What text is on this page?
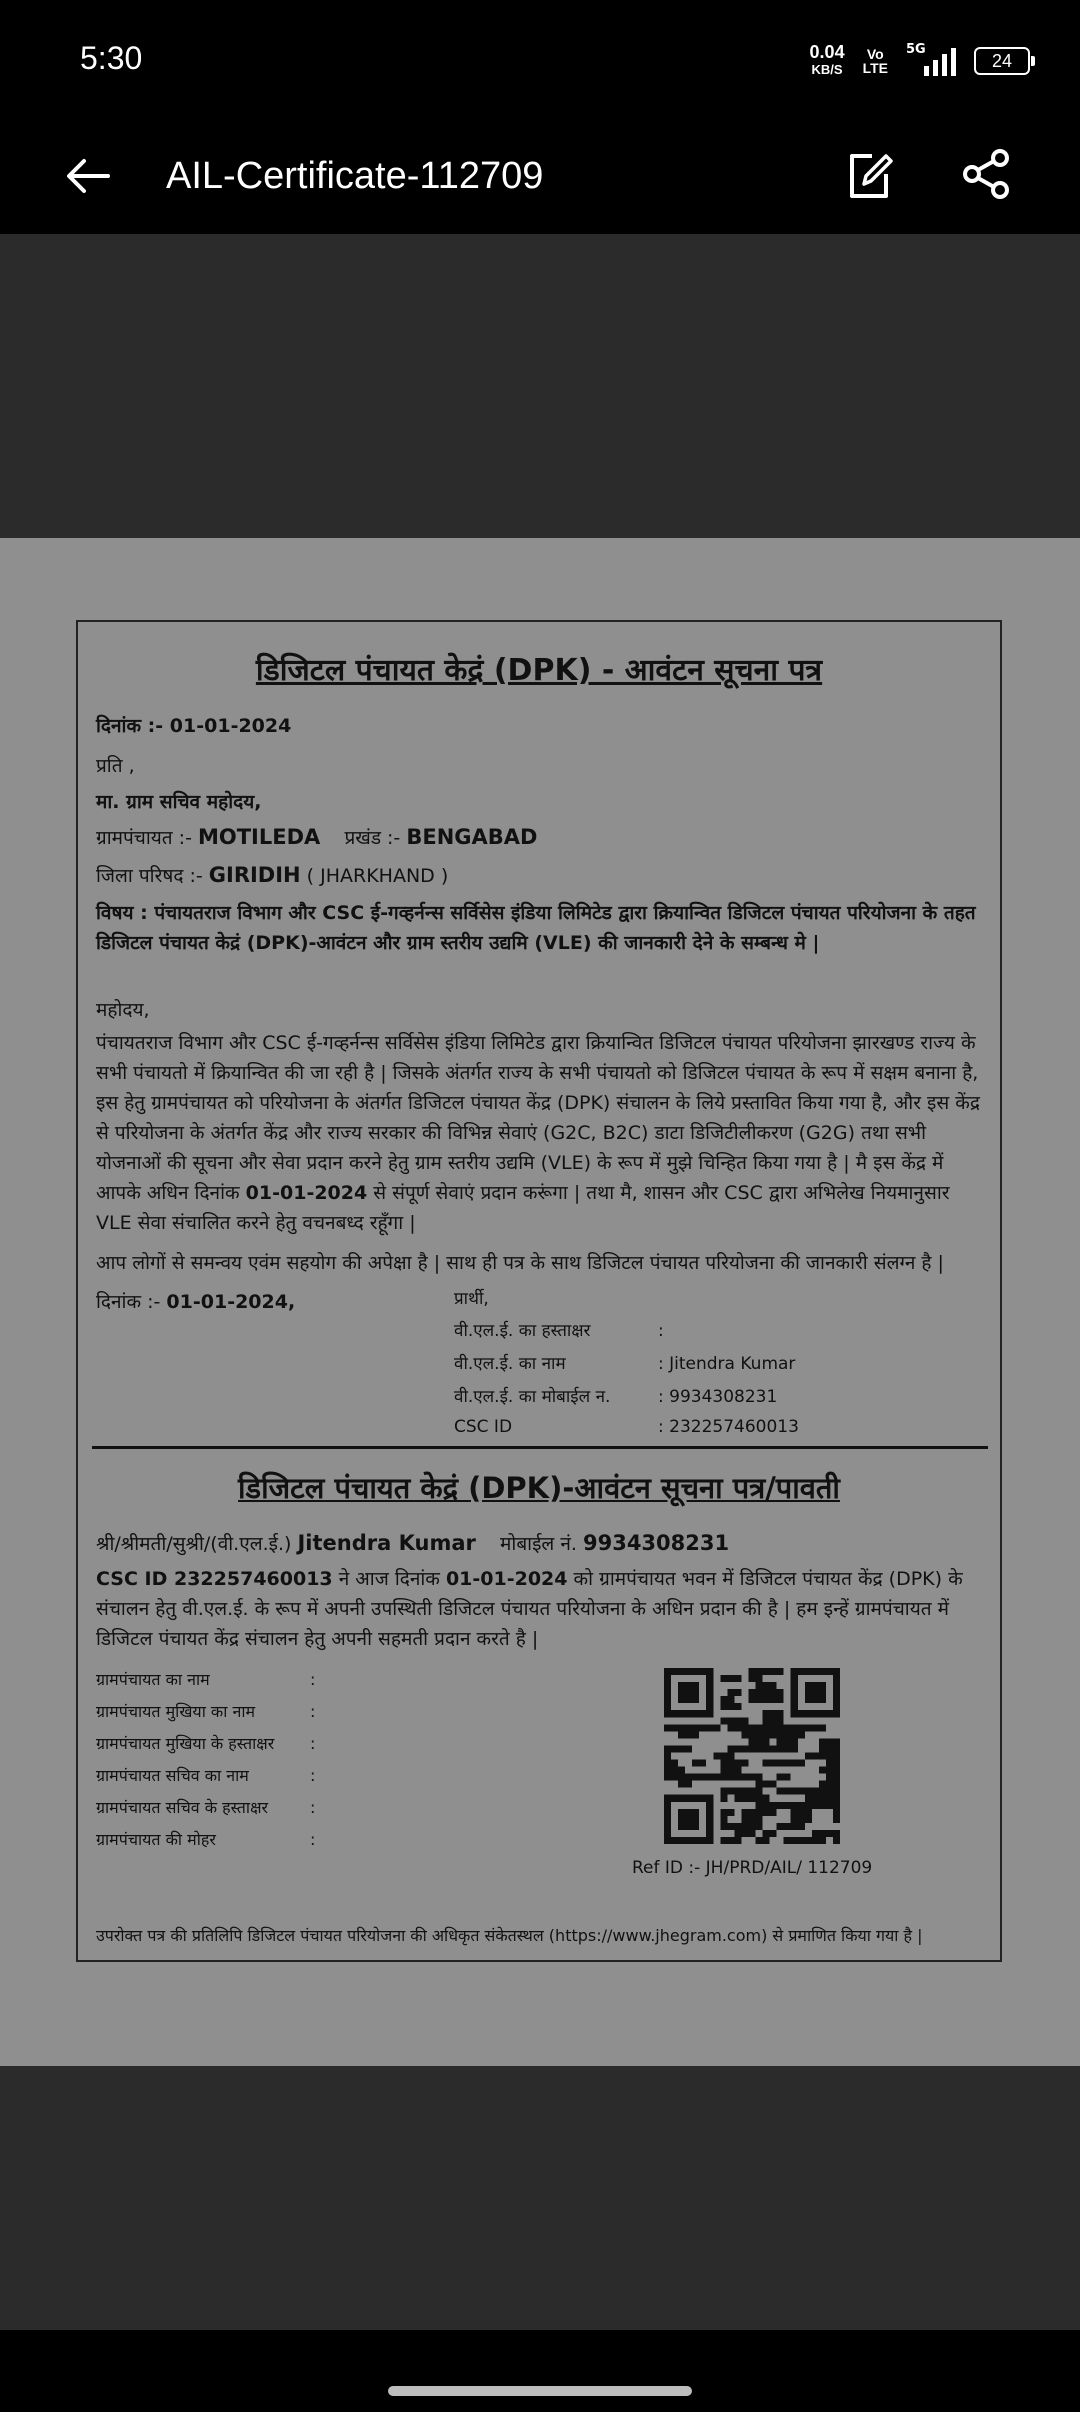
5:30	0.04
KB/S
Vo
LTE
5G
24
AIL-Certificate-112709
डिजिटल पंचायत केद्रं (DPK) - आवंटन सूचना पत्र
दिनांक :- 01-01-2024
प्रति ,
मा. ग्राम सचिव महोदय,
ग्रामपंचायत :- MOTILEDA प्रखंड :- BENGABAD
जिला परिषद :- GIRIDIH ( JHARKHAND )
विषय : पंचायतराज विभाग और CSC ई-गव्हर्नन्स सर्विसेस इंडिया लिमिटेड द्वारा क्रियान्वित डिजिटल पंचायत परियोजना के तहत डिजिटल पंचायत केद्रं (DPK)-आवंटन और ग्राम स्तरीय उद्यमि (VLE) की जानकारी देने के सम्बन्ध मे |
महोदय,
पंचायतराज विभाग और CSC ई-गव्हर्नन्स सर्विसेस इंडिया लिमिटेड द्वारा क्रियान्वित डिजिटल पंचायत परियोजना झारखण्ड राज्य के सभी पंचायतो में क्रियान्वित की जा रही है | जिसके अंतर्गत राज्य के सभी पंचायतो को डिजिटल पंचायत के रूप में सक्षम बनाना है, इस हेतु ग्रामपंचायत को परियोजना के अंतर्गत डिजिटल पंचायत केंद्र (DPK) संचालन के लिये प्रस्तावित किया गया है, और इस केंद्र से परियोजना के अंतर्गत केंद्र और राज्य सरकार की विभिन्न सेवाएं (G2C, B2C) डाटा डिजिटीलीकरण (G2G) तथा सभी योजनाओं की सूचना और सेवा प्रदान करने हेतु ग्राम स्तरीय उद्यमि (VLE) के रूप में मुझे चिन्हित किया गया है | मै इस केंद्र में आपके अधिन दिनांक 01-01-2024 से संपूर्ण सेवाएं प्रदान करूंगा | तथा मै, शासन और CSC द्वारा अभिलेख नियमानुसार VLE सेवा संचालित करने हेतु वचनबध्द रहूँगा |
आप लोगों से समन्वय एवंम सहयोग की अपेक्षा है | साथ ही पत्र के साथ डिजिटल पंचायत परियोजना की जानकारी संलग्न है |
दिनांक :- 01-01-2024,	प्रार्थी,
वी.एल.ई. का हस्ताक्षर	:
वी.एल.ई. का नाम	: Jitendra Kumar
वी.एल.ई. का मोबाईल न.	: 9934308231
CSC ID	: 232257460013
डिजिटल पंचायत केद्रं (DPK)-आवंटन सूचना पत्र/पावती
श्री/श्रीमती/सुश्री/(वी.एल.ई.) Jitendra Kumar मोबाईल नं. 9934308231
CSC ID 232257460013 ने आज दिनांक 01-01-2024 को ग्रामपंचायत भवन में डिजिटल पंचायत केंद्र (DPK) के संचालन हेतु वी.एल.ई. के रूप में अपनी उपस्थिती डिजिटल पंचायत परियोजना के अधिन प्रदान की है | हम इन्हें ग्रामपंचायत में डिजिटल पंचायत केंद्र संचालन हेतु अपनी सहमती प्रदान करते है |
ग्रामपंचायत का नाम	:
ग्रामपंचायत मुखिया का नाम	:
ग्रामपंचायत मुखिया के हस्ताक्षर :
ग्रामपंचायत सचिव का नाम	:
ग्रामपंचायत सचिव के हस्ताक्षर	:
ग्रामपंचायत की मोहर	:
Ref ID :- JH/PRD/AIL/ 112709
उपरोक्त पत्र की प्रतिलिपि डिजिटल पंचायत परियोजना की अधिकृत संकेतस्थल (https://www.jhegram.com) से प्रमाणित किया गया है |
